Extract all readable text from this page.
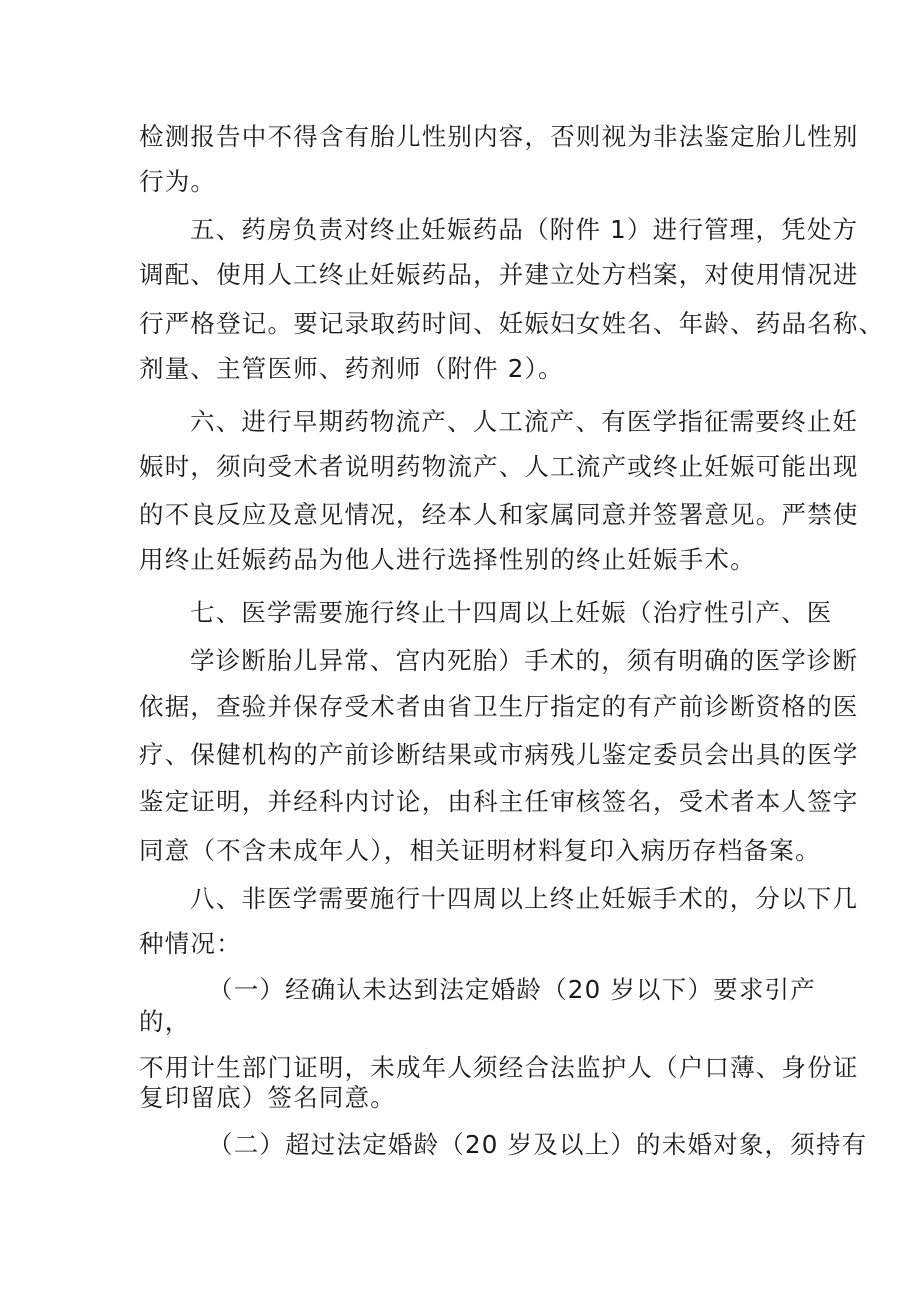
检测报告中不得含有胎儿性别内容，否则视为非法鉴定胎儿性别
行为。
五、药房负责对终止妊娠药品（附件 1）进行管理，凭处方
调配、使用人工终止妊娠药品，并建立处方档案，对使用情况进
行严格登记。要记录取药时间、妊娠妇女姓名、年龄、药品名称、
剂量、主管医师、药剂师（附件 2）。
六、进行早期药物流产、人工流产、有医学指征需要终止妊
娠时，须向受术者说明药物流产、人工流产或终止妊娠可能出现
的不良反应及意见情况，经本人和家属同意并签署意见。严禁使
用终止妊娠药品为他人进行选择性别的终止妊娠手术。
七、医学需要施行终止十四周以上妊娠（治疗性引产、医
学诊断胎儿异常、宫内死胎）手术的，须有明确的医学诊断
依据，查验并保存受术者由省卫生厅指定的有产前诊断资格的医
疗、保健机构的产前诊断结果或市病残儿鉴定委员会出具的医学
鉴定证明，并经科内讨论，由科主任审核签名，受术者本人签字
同意（不含未成年人），相关证明材料复印入病历存档备案。
八、非医学需要施行十四周以上终止妊娠手术的，分以下几
种情况：
（一）经确认未达到法定婚龄（20 岁以下）要求引产
的，
不用计生部门证明，未成年人须经合法监护人（户口薄、身份证
复印留底）签名同意。
（二）超过法定婚龄（20 岁及以上）的未婚对象，须持有
